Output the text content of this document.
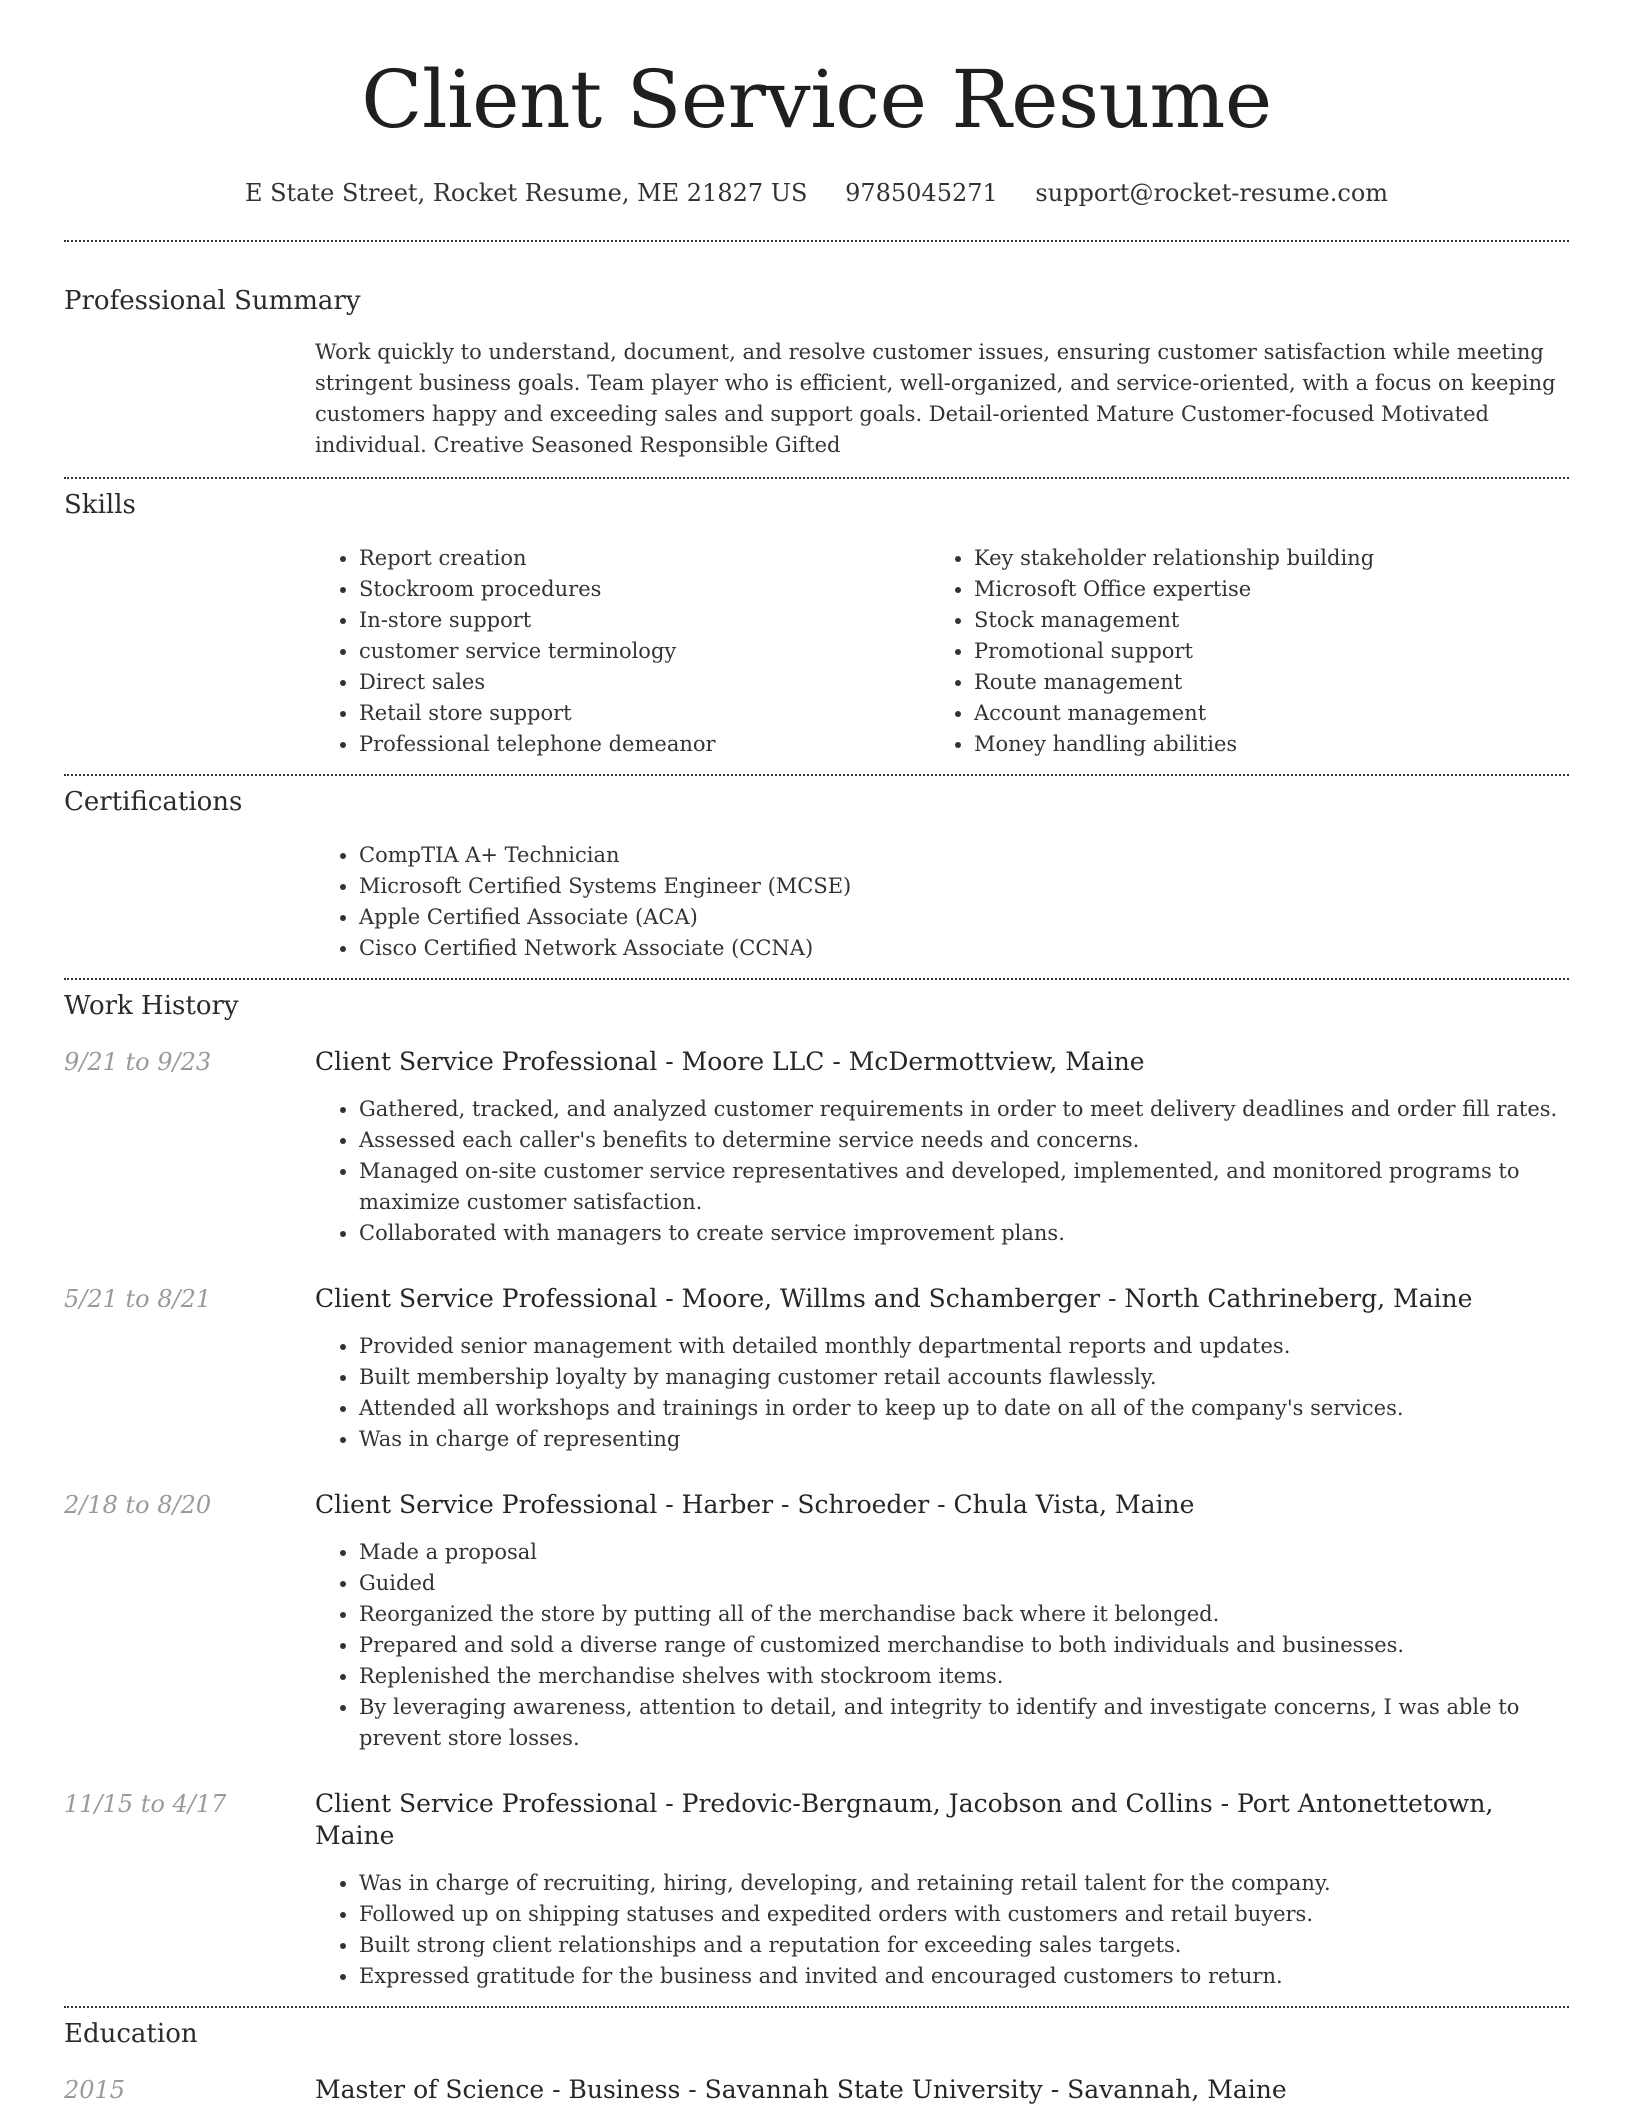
Client Service Resume
E State Street, Rocket Resume, ME 21827 US 9785045271 support@rocket-resume.com
Professional Summary

Work quickly to understand, document, and resolve customer issues, ensuring customer satisfaction while meeting stringent business goals. Team player who is efficient, well-organized, and service-oriented, with a focus on keeping customers happy and exceeding sales and support goals. Detail-oriented Mature Customer-focused Motivated individual. Creative Seasoned Responsible Gifted

Skills
• Report creation
• Stockroom procedures
• In-store support
• customer service terminology
• Direct sales
• Retail store support
• Professional telephone demeanor
• Key stakeholder relationship building
• Microsoft Office expertise
• Stock management
• Promotional support
• Route management
• Account management
• Money handling abilities
Certifications
• CompTIA A+ Technician
• Microsoft Certified Systems Engineer (MCSE)
• Apple Certified Associate (ACA)
• Cisco Certified Network Associate (CCNA)
Work History
9/21 to 9/23	Client Service Professional - Moore LLC - McDermottview, Maine
• Gathered, tracked, and analyzed customer requirements in order to meet delivery deadlines and order fill rates.
• Assessed each caller's benefits to determine service needs and concerns.
• Managed on-site customer service representatives and developed, implemented, and monitored programs to maximize customer satisfaction.
• Collaborated with managers to create service improvement plans.
5/21 to 8/21	Client Service Professional - Moore, Willms and Schamberger - North Cathrineberg, Maine
• Provided senior management with detailed monthly departmental reports and updates.
• Built membership loyalty by managing customer retail accounts flawlessly.
• Attended all workshops and trainings in order to keep up to date on all of the company's services.
• Was in charge of representing
2/18 to 8/20	Client Service Professional - Harber - Schroeder - Chula Vista, Maine
• Made a proposal
• Guided
• Reorganized the store by putting all of the merchandise back where it belonged.
• Prepared and sold a diverse range of customized merchandise to both individuals and businesses.
• Replenished the merchandise shelves with stockroom items.
• By leveraging awareness, attention to detail, and integrity to identify and investigate concerns, I was able to prevent store losses.
11/15 to 4/17	Client Service Professional - Predovic-Bergnaum, Jacobson and Collins - Port Antonettetown, Maine
• Was in charge of recruiting, hiring, developing, and retaining retail talent for the company.
• Followed up on shipping statuses and expedited orders with customers and retail buyers.
• Built strong client relationships and a reputation for exceeding sales targets.
• Expressed gratitude for the business and invited and encouraged customers to return.
Education
2015	Master of Science - Business - Savannah State University - Savannah, Maine
